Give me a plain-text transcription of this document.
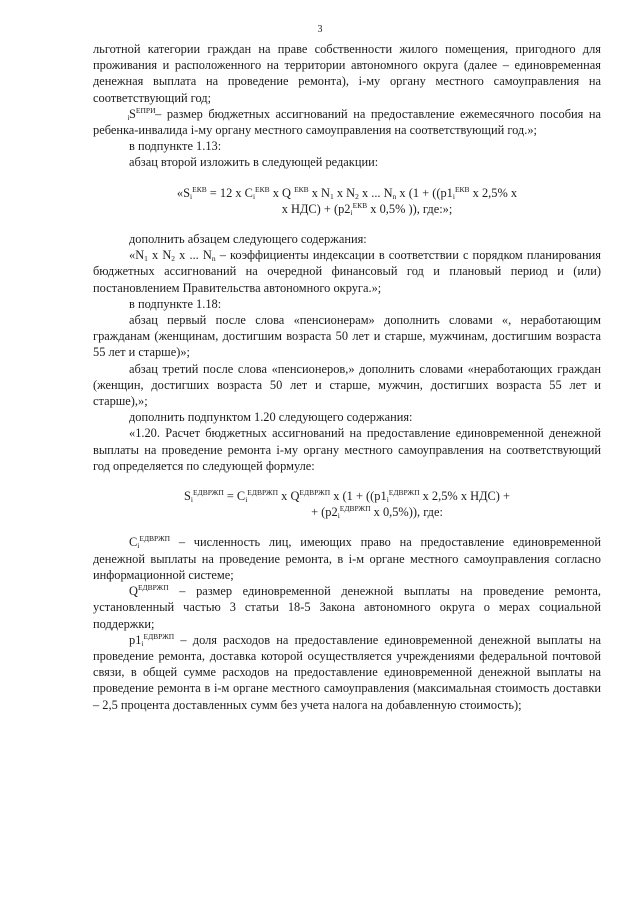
3

льготной категории граждан на праве собственности жилого помещения, пригодного для проживания и расположенного на территории автономного округа (далее – единовременная денежная выплата на проведение ремонта), i-му органу местного самоуправления на соответствующий год;

$S^{ЕПРИ}_i$ – размер бюджетных ассигнований на предоставление ежемесячного пособия на ребенка-инвалида i-му органу местного самоуправления на соответствующий год.»;

в подпункте 1.13:

абзац второй изложить в следующей редакции:

«$S_i^{ЕКВ} = 12$ х $C_i^{ЕКВ}$ х Q $^{ЕКВ}$ х $N_1$ х $N_2$ х ... $N_n$ х ($1 + ((p1_i^{ЕКВ}$ х 2,5% х
х $НДС) + (p2_i^{ЕКВ}$ х 0,5% )), где:»;

дополнить абзацем следующего содержания:

«$N_1$ х $N_2$ х ... $N_n$ – коэффициенты индексации в соответствии с порядком планирования бюджетных ассигнований на очередной финансовый год и плановый период и (или) постановлением Правительства автономного округа.»;

в подпункте 1.18:

абзац первый после слова «пенсионерам» дополнить словами «, неработающим гражданам (женщинам, достигшим возраста 50 лет и старше, мужчинам, достигшим возраста 55 лет и старше)»;

абзац третий после слова «пенсионеров,» дополнить словами «неработающих граждан (женщин, достигших возраста 50 лет и старше, мужчин, достигших возраста 55 лет и старше),»;

дополнить подпунктом 1.20 следующего содержания:

«1.20. Расчет бюджетных ассигнований на предоставление единовременной денежной выплаты на проведение ремонта i-му органу местного самоуправления на соответствующий год определяется по следующей формуле:

$S_i^{ЕДВРЖП} = C_i^{ЕДВРЖП}$ х $Q^{ЕДВРЖП}$ х ($1 + ((p1_i^{ЕДВРЖП}$ х 2,5% х НДС) +
+ ($p2_i^{ЕДВРЖП}$ х 0,5%)), где:

$C_i^{ЕДВРЖП}$ – численность лиц, имеющих право на предоставление единовременной денежной выплаты на проведение ремонта, в i-м органе местного самоуправления согласно информационной системе;

$Q^{ЕДВРЖП}$ – размер единовременной денежной выплаты на проведение ремонта, установленный частью 3 статьи 18-5 Закона автономного округа о мерах социальной поддержки;

$p1_i^{ЕДВРЖП}$ – доля расходов на предоставление единовременной денежной выплаты на проведение ремонта, доставка которой осуществляется учреждениями федеральной почтовой связи, в общей сумме расходов на предоставление единовременной денежной выплаты на проведение ремонта в i-м органе местного самоуправления (максимальная стоимость доставки – 2,5 процента доставленных сумм без учета налога на добавленную стоимость);
